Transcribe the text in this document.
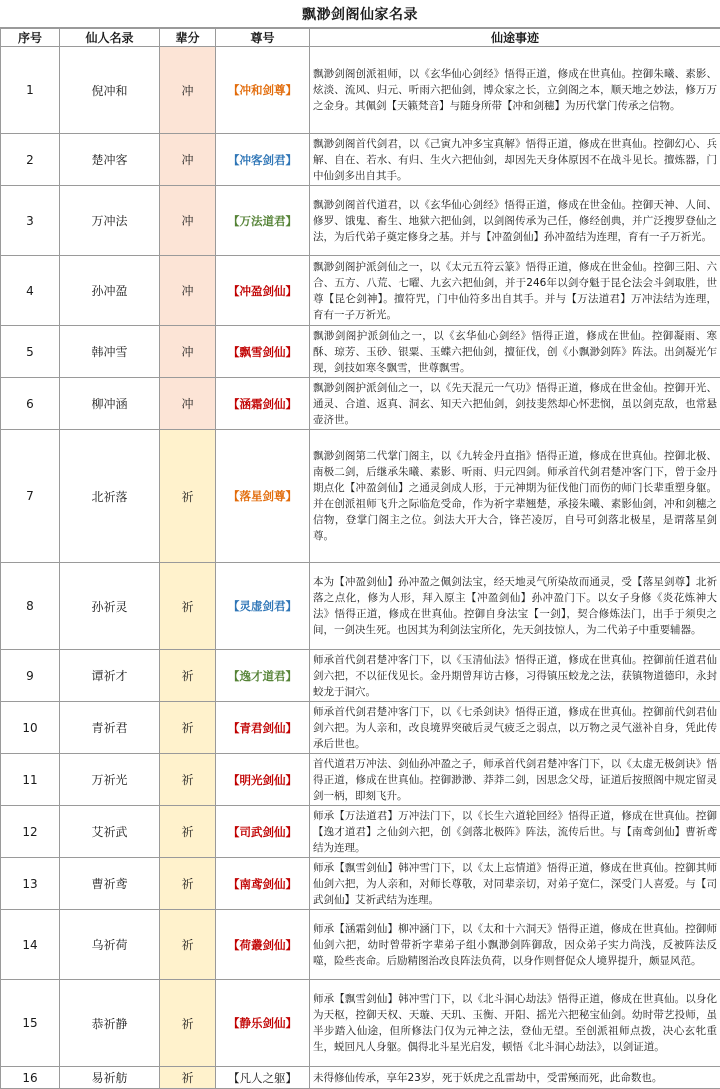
飘渺剑阁仙家名录
序号	仙人名录	辈分	尊号	仙途事迹
1	倪冲和	冲	【冲和剑尊】	飘渺剑阁创派祖师，以《玄华仙心剑经》悟得正道，修成在世真仙。控御朱曦、素影、炫淡、流风、归元、听雨六把仙剑，博众家之长，立剑阁之本，顺天地之妙法，修万万之金身。其佩剑【天籁梵音】与随身所带【冲和剑穗】为历代掌门传承之信物。
2	楚冲客	冲	【冲客剑君】	飘渺剑阁首代剑君，以《己寅九冲多宝真解》悟得正道，修成在世真仙。控御幻心、兵解、自在、若水、有归、生火六把仙剑，却因先天身体原因不在战斗见长。擅炼器，门中仙剑多出自其手。
3	万冲法	冲	【万法道君】	飘渺剑阁首代道君，以《玄华仙心剑经》悟得正道，修成在世金仙。控御天神、人间、修罗、饿鬼、畜生、地狱六把仙剑，以剑阁传承为己任，修经创典，并广泛搜罗登仙之法，为后代弟子奠定修身之基。并与【冲盈剑仙】孙冲盈结为连理，育有一子万祈光。
4	孙冲盈	冲	【冲盈剑仙】	飘渺剑阁护派剑仙之一，以《太元五符云篆》悟得正道，修成在世金仙。控御三阳、六合、五方、八荒、七曜、九玄六把仙剑，并于246年以剑夺魁于昆仑法会斗剑取胜，世尊【昆仑剑神】。擅符咒，门中仙符多出自其手。并与【万法道君】万冲法结为连理，育有一子万祈光。
5	韩冲雪	冲	【飘雪剑仙】	飘渺剑阁护派剑仙之一，以《玄华仙心剑经》悟得正道，修成在世仙。控御凝雨、寒酥、琼芳、玉砂、银粟、玉蝶六把仙剑，擅征伐，创《小飘渺剑阵》阵法。出剑凝光乍现，剑技如寒冬飘雪，世尊飘雪。
6	柳冲涵	冲	【涵霜剑仙】	飘渺剑阁护派剑仙之一，以《先天混元一气功》悟得正道，修成在世金仙。控御开光、通灵、合道、返真、洞玄、知天六把仙剑，剑技斐然却心怀悲悯，虽以剑克敌，也常悬壶济世。
7	北祈落	祈	【落星剑尊】	飘渺剑阁第二代掌门阁主，以《九转金丹直指》悟得正道，修成在世真仙。控御北极、南极二剑，后继承朱曦、素影、听雨、归元四剑。师承首代剑君楚冲客门下，曾于金丹期点化【冲盈剑仙】之通灵剑成人形，于元神期为征伐他门而伤的师门长辈重塑身躯。并在创派祖师飞升之际临危受命，作为祈字辈翘楚，承接朱曦、素影仙剑，冲和剑穗之信物，登掌门阁主之位。剑法大开大合，锋芒凌厉，自号可剑落北极星，是谓落星剑尊。
8	孙祈灵	祈	【灵虚剑君】	本为【冲盈剑仙】孙冲盈之佩剑法宝，经天地灵气所染故而通灵，受【落星剑尊】北祈落之点化，修为人形，拜入原主【冲盈剑仙】孙冲盈门下。以女子身修《炎花炼神大法》悟得正道，修成在世真仙。控御自身法宝【一剑】，契合修炼法门，出手于须臾之间，一剑决生死。也因其为利剑法宝所化，先天剑技惊人，为二代弟子中重要辅器。
9	谭祈才	祈	【逸才道君】	师承首代剑君楚冲客门下，以《玉清仙法》悟得正道，修成在世真仙。控御前任道君仙剑六把，不以征伐见长。金丹期曾拜访古修，习得镇压蛟龙之法，获镇物道德印，永封蛟龙于洞穴。
10	青祈君	祈	【青君剑仙】	师承首代剑君楚冲客门下，以《七杀剑诀》悟得正道，修成在世真仙。控御前代剑君仙剑六把。为人亲和，改良境界突破后灵气疲乏之弱点，以万物之灵气滋补自身，凭此传承后世也。
11	万祈光	祈	【明光剑仙】	首代道君万冲法、剑仙孙冲盈之子，师承首代剑君楚冲客门下，以《太虚无极剑诀》悟得正道，修成在世真仙。控御渺渺、莽莽二剑，因思念父母，证道后按照阁中规定留灵剑一柄，即刻飞升。
12	艾祈武	祈	【司武剑仙】	师承【万法道君】万冲法门下，以《长生六道轮回经》悟得正道，修成在世真仙。控御【逸才道君】之仙剑六把，创《剑落北极阵》阵法，流传后世。与【南鸢剑仙】曹祈鸢结为连理。
13	曹祈鸢	祈	【南鸢剑仙】	师承【飘雪剑仙】韩冲雪门下，以《太上忘情道》悟得正道，修成在世真仙。控御其师仙剑六把，为人亲和，对师长尊敬，对同辈亲切，对弟子宽仁，深受门人喜爱。与【司武剑仙】艾祈武结为连理。
14	乌祈荷	祈	【荷叢剑仙】	师承【涵霜剑仙】柳冲涵门下，以《太和十六洞天》悟得正道，修成在世真仙。控御师仙剑六把，幼时曾带祈字辈弟子组小飘渺剑阵御敌，因众弟子实力尚浅，反被阵法反噬，险些丧命。后励精图治改良阵法负荷，以身作则督促众人境界提升，颇显风范。
15	恭祈静	祈	【静乐剑仙】	师承【飘雪剑仙】韩冲雪门下，以《北斗洞心劫法》悟得正道，修成在世真仙。以身化为天枢，控御天权、天璇、天玑、玉衡、开阳、摇光六把秘宝仙剑。幼时带艺投师，虽半步踏入仙途，但所修法门仅为元神之法，登仙无望。至创派祖师点拨，决心玄牝重生，蜕回凡人身躯。偶得北斗星光启发，顿悟《北斗洞心劫法》，以剑证道。
16	易祈舫	祈	【凡人之躯】	未得修仙传承，享年23岁，死于妖虎之乱雷劫中，受雷殛而死，此命数也。
